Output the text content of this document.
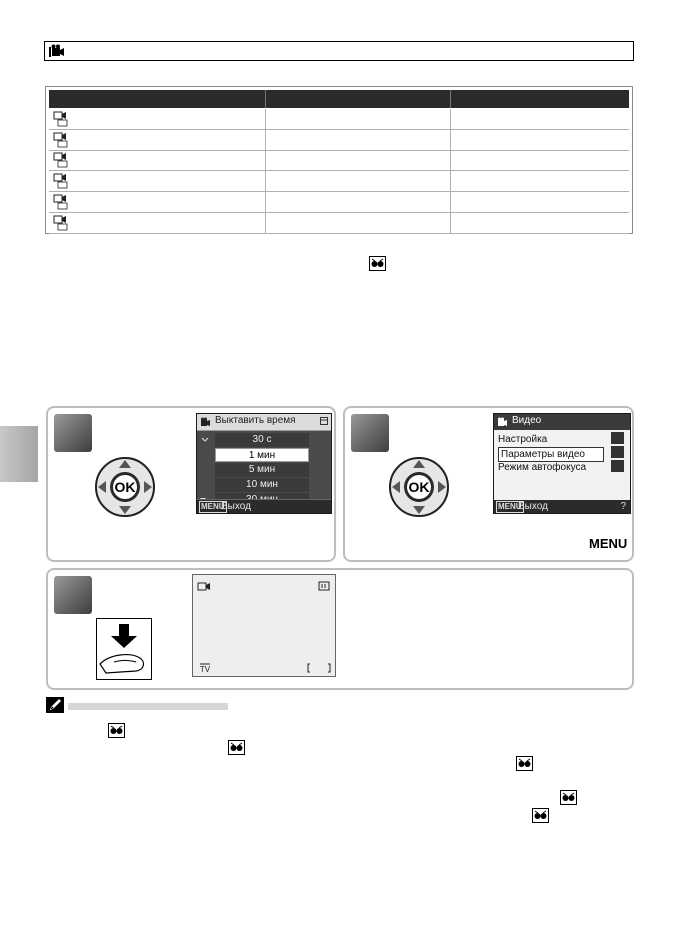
OK
Выктавить время
30 с
1 мин
5 мин
10 мин
MENU
Выход
OK
Видео
Настройка
Параметры видео
Режим автофокуса
MENU
Выход	?
MENU
TV
